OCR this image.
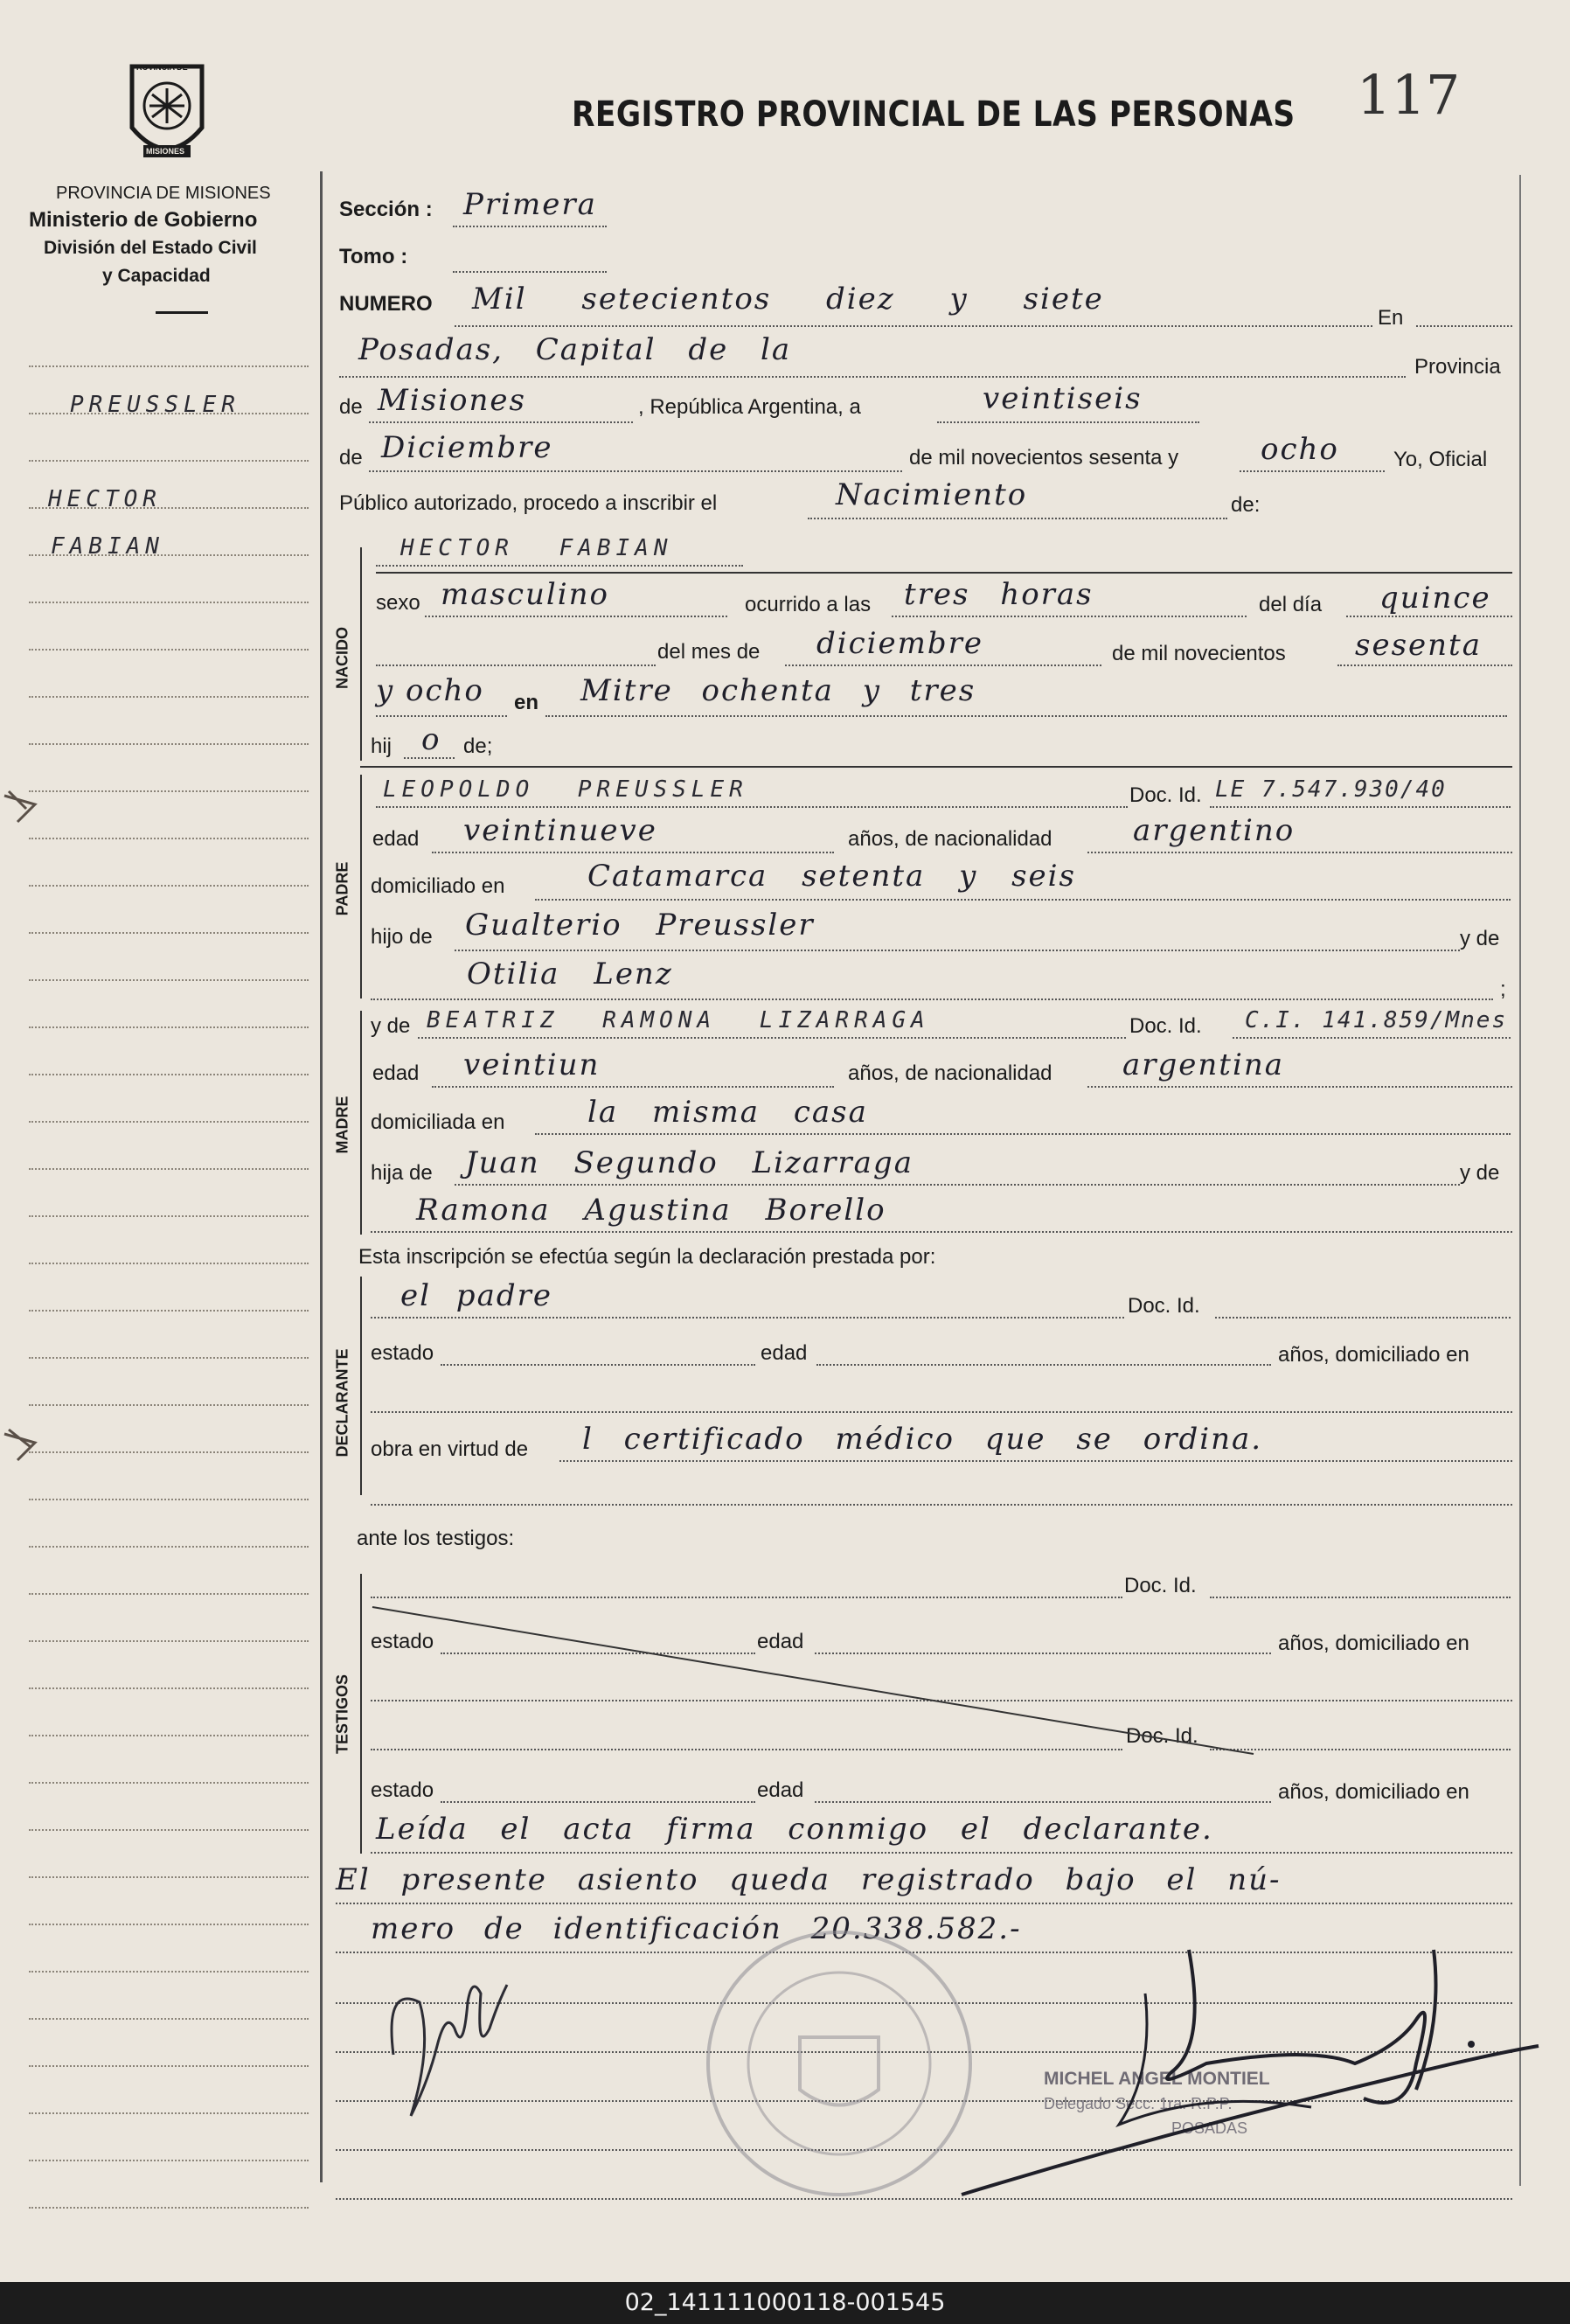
PROVINCIA DE
MISIONES
PROVINCIA DE MISIONES
Ministerio de Gobierno
División del Estado Civil
y Capacidad
REGISTRO PROVINCIAL DE LAS PERSONAS 117
PREUSSLER
HECTOR
FABIAN
Sección : Primera
Tomo :
NUMERO Mil setecientos diez y siete
En
Posadas, Capital de la	Provincia
de Misiones	, República Argentina, a	veintiseis
de Diciembre	de mil novecientos sesenta y	ocho	Yo, Oficial
Público autorizado, procedo a inscribir el	Nacimiento	de:
NACIDO
HECTOR FABIAN
sexo masculino	ocurrido a las tres horas	del día quince
del mes de diciembre	de mil novecientos sesenta
y ocho en Mitre ochenta y tres
hij o de;
PADRE
LEOPOLDO PREUSSLER	Doc. Id. LE 7.547.930/40
edad veintinueve	años, de nacionalidad	argentino
domiciliado en	Catamarca setenta y seis
hijo de Gualterio Preussler	y de
Otilia Lenz	;
MADRE
y de BEATRIZ RAMONA LIZARRAGA	Doc. Id. C.I. 141.859/Mnes
edad veintiun	años, de nacionalidad argentina
domiciliada en	la misma casa
hija de Juan Segundo Lizarraga	y de
Ramona Agustina Borello
Esta inscripción se efectúa según la declaración prestada por:
DECLARANTE
el padre	Doc. Id.
estado	edad	años, domiciliado en
obra en virtud de l certificado médico que se ordina.
ante los testigos:
TESTIGOS
Doc. Id.
estado	edad	años, domiciliado en
Doc. Id.
estado	edad	años, domiciliado en
Leída el acta firma conmigo el declarante.
El presente asiento queda registrado bajo el nú-
mero de identificación 20.338.582.-
MICHEL ANGEL MONTIEL
Delegado Secc. 1ra. R.P.P.
POSADAS
02_141111000118-001545
